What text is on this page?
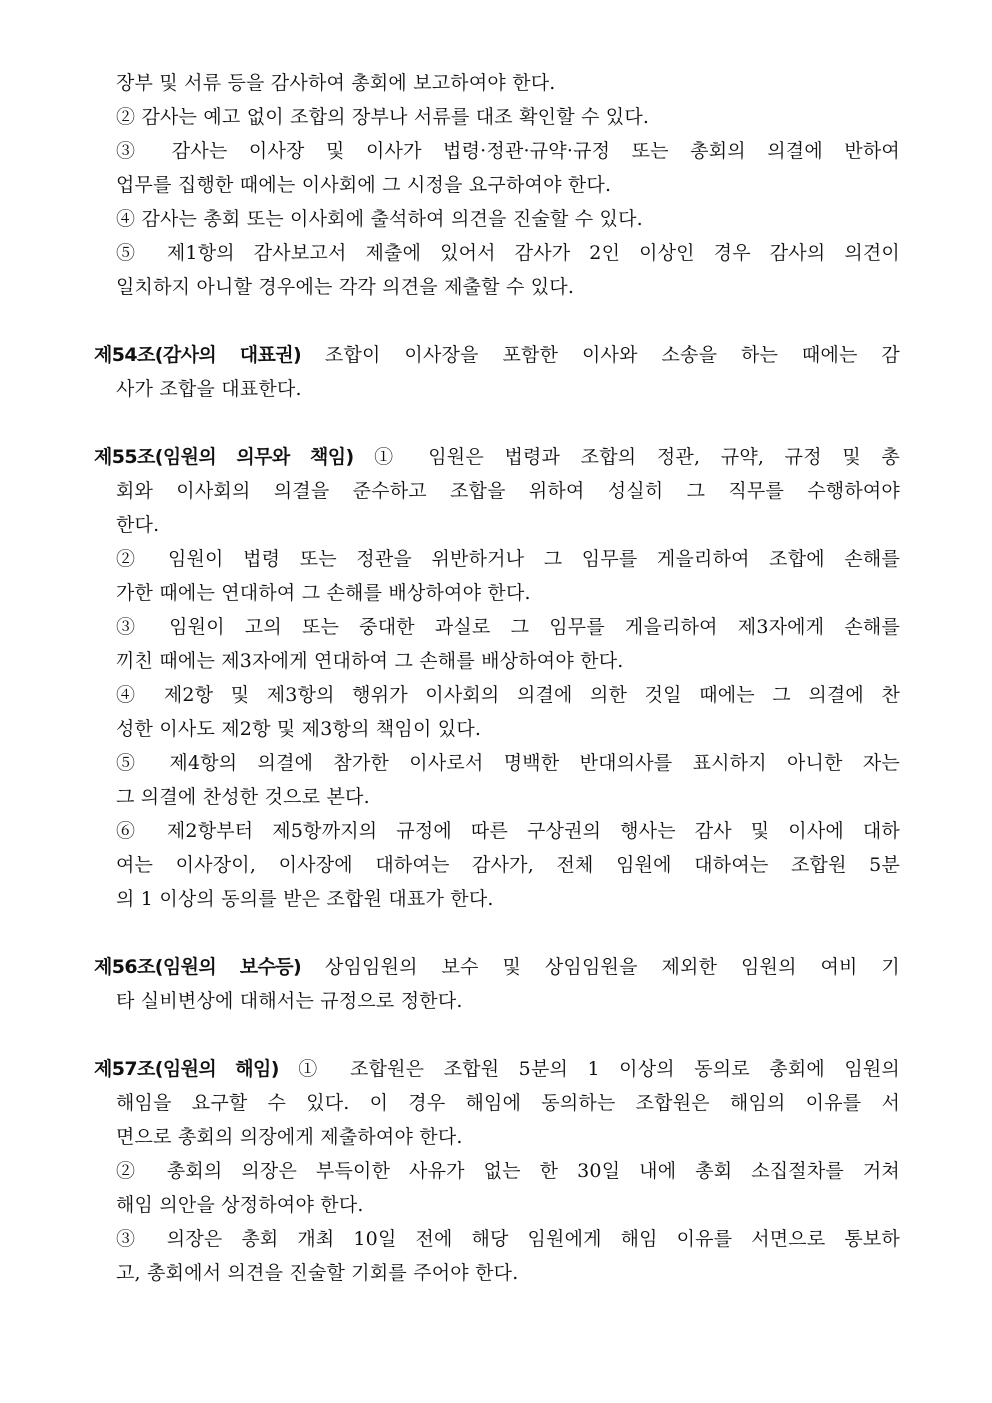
장부 및 서류 등을 감사하여 총회에 보고하여야 한다.
② 감사는 예고 없이 조합의 장부나 서류를 대조 확인할 수 있다.
③ 감사는 이사장 및 이사가 법령·정관·규약·규정 또는 총회의 의결에 반하여
업무를 집행한 때에는 이사회에 그 시정을 요구하여야 한다.
④ 감사는 총회 또는 이사회에 출석하여 의견을 진술할 수 있다.
⑤ 제1항의 감사보고서 제출에 있어서 감사가 2인 이상인 경우 감사의 의견이
일치하지 아니할 경우에는 각각 의견을 제출할 수 있다.
제54조(감사의 대표권) 조합이 이사장을 포함한 이사와 소송을 하는 때에는 감
사가 조합을 대표한다.
제55조(임원의 의무와 책임) ① 임원은 법령과 조합의 정관, 규약, 규정 및 총
회와 이사회의 의결을 준수하고 조합을 위하여 성실히 그 직무를 수행하여야
한다.
② 임원이 법령 또는 정관을 위반하거나 그 임무를 게을리하여 조합에 손해를
가한 때에는 연대하여 그 손해를 배상하여야 한다.
③ 임원이 고의 또는 중대한 과실로 그 임무를 게을리하여 제3자에게 손해를
끼친 때에는 제3자에게 연대하여 그 손해를 배상하여야 한다.
④ 제2항 및 제3항의 행위가 이사회의 의결에 의한 것일 때에는 그 의결에 찬
성한 이사도 제2항 및 제3항의 책임이 있다.
⑤ 제4항의 의결에 참가한 이사로서 명백한 반대의사를 표시하지 아니한 자는
그 의결에 찬성한 것으로 본다.
⑥ 제2항부터 제5항까지의 규정에 따른 구상권의 행사는 감사 및 이사에 대하
여는 이사장이, 이사장에 대하여는 감사가, 전체 임원에 대하여는 조합원 5분
의 1 이상의 동의를 받은 조합원 대표가 한다.
제56조(임원의 보수등) 상임임원의 보수 및 상임임원을 제외한 임원의 여비 기
타 실비변상에 대해서는 규정으로 정한다.
제57조(임원의 해임) ① 조합원은 조합원 5분의 1 이상의 동의로 총회에 임원의
해임을 요구할 수 있다. 이 경우 해임에 동의하는 조합원은 해임의 이유를 서
면으로 총회의 의장에게 제출하여야 한다.
② 총회의 의장은 부득이한 사유가 없는 한 30일 내에 총회 소집절차를 거쳐
해임 의안을 상정하여야 한다.
③ 의장은 총회 개최 10일 전에 해당 임원에게 해임 이유를 서면으로 통보하
고, 총회에서 의견을 진술할 기회를 주어야 한다.
